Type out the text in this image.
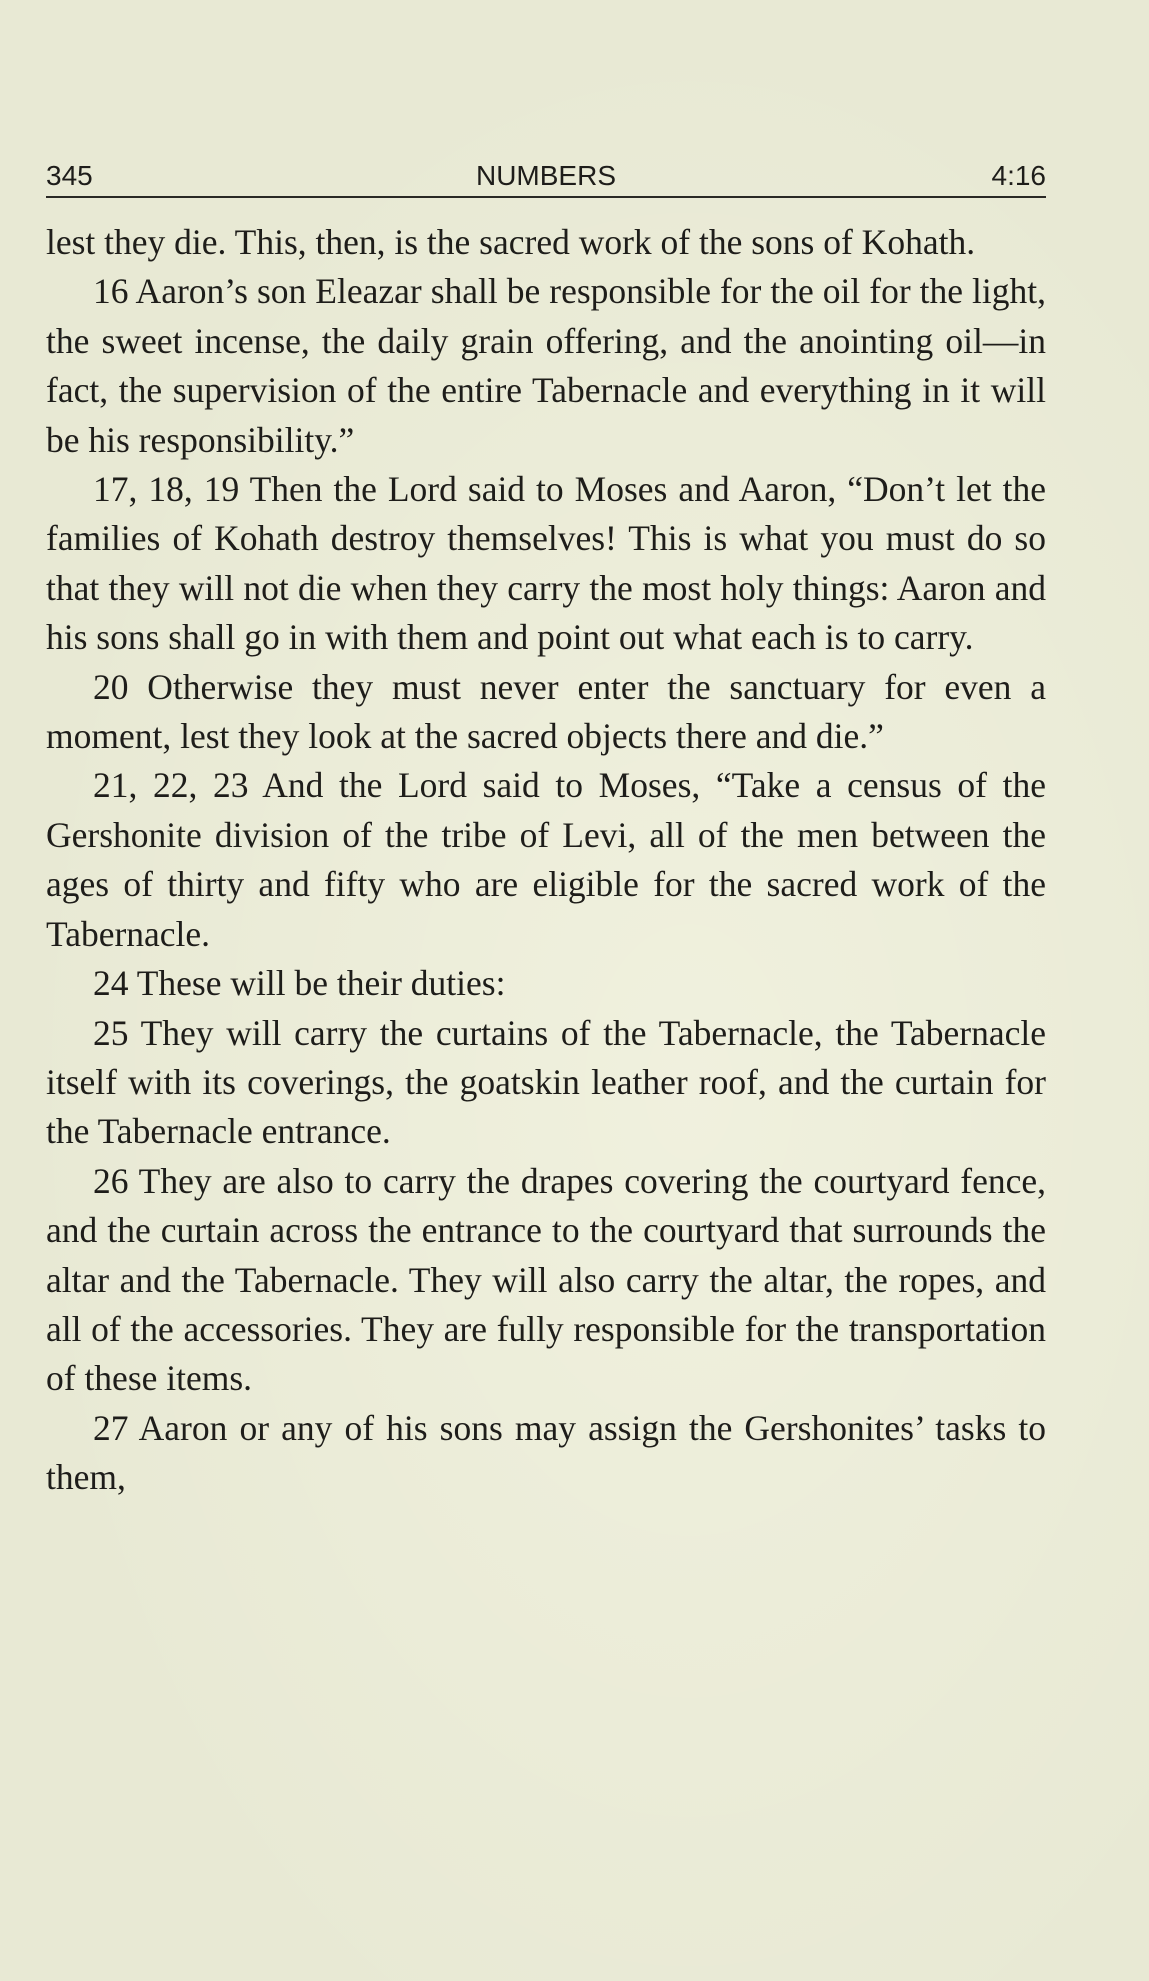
345	NUMBERS	4:16

lest they die. This, then, is the sacred work of the sons of Kohath.

16 Aaron’s son Eleazar shall be responsible for the oil for the light, the sweet incense, the daily grain offering, and the anointing oil—in fact, the supervision of the entire Tabernacle and everything in it will be his responsibility.”

17, 18, 19 Then the Lord said to Moses and Aaron, “Don’t let the families of Kohath destroy themselves! This is what you must do so that they will not die when they carry the most holy things: Aaron and his sons shall go in with them and point out what each is to carry.

20 Otherwise they must never enter the sanctuary for even a moment, lest they look at the sacred objects there and die.”

21, 22, 23 And the Lord said to Moses, “Take a census of the Gershonite division of the tribe of Levi, all of the men between the ages of thirty and fifty who are eligible for the sacred work of the Tabernacle.

24 These will be their duties:

25 They will carry the curtains of the Tabernacle, the Tabernacle itself with its coverings, the goatskin leather roof, and the curtain for the Tabernacle entrance.

26 They are also to carry the drapes covering the courtyard fence, and the curtain across the entrance to the courtyard that surrounds the altar and the Tabernacle. They will also carry the altar, the ropes, and all of the accessories. They are fully responsible for the transportation of these items.

27 Aaron or any of his sons may assign the Gershonites’ tasks to them,
